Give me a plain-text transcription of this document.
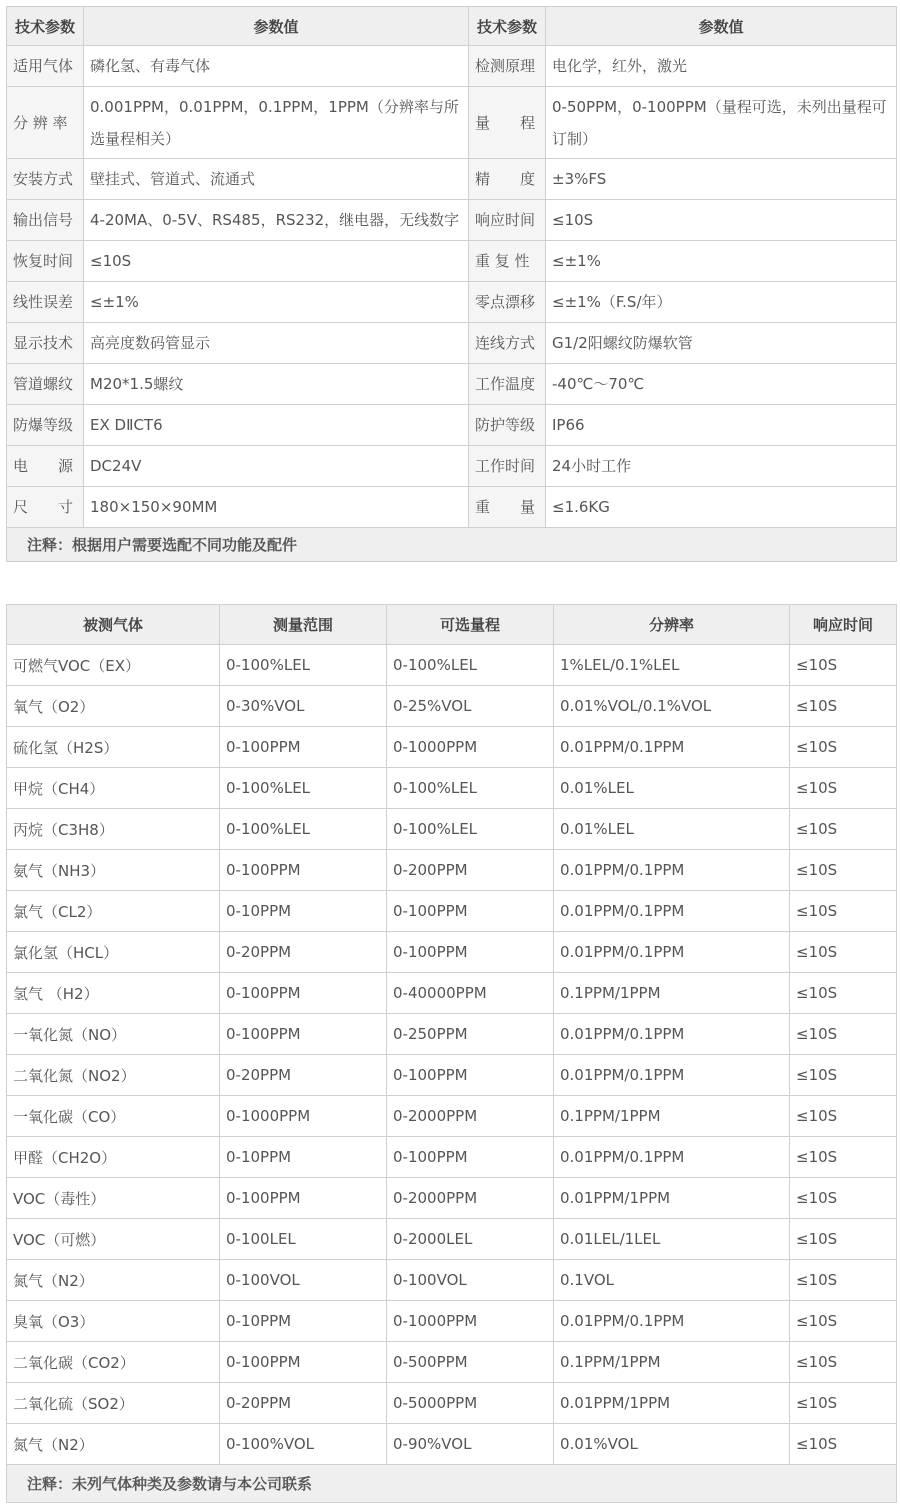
技术参数	参数值	技术参数	参数值
适用气体	磷化氢、有毒气体	检测原理	电化学，红外，激光
分 辨 率	0.001PPM，0.01PPM，0.1PPM，1PPM（分辨率与所选量程相关）	量　　程	0-50PPM，0-100PPM（量程可选，未列出量程可订制）
安装方式	壁挂式、管道式、流通式	精　　度	±3%FS
输出信号	4-20MA、0-5V、RS485，RS232，继电器，无线数字	响应时间	≤10S
恢复时间	≤10S	重 复 性	≤±1%
线性误差	≤±1%	零点漂移	≤±1%（F.S/年）
显示技术	高亮度数码管显示	连线方式	G1/2阳螺纹防爆软管
管道螺纹	M20*1.5螺纹	工作温度	-40℃～70℃
防爆等级	EX DⅡCT6	防护等级	IP66
电　　源	DC24V	工作时间	24小时工作
尺　　寸	180×150×90MM	重　　量	≤1.6KG
注释：根据用户需要选配不同功能及配件			
被测气体	测量范围	可选量程	分辨率	响应时间
可燃气VOC（EX）	0-100%LEL	0-100%LEL	1%LEL/0.1%LEL	≤10S
氧气（O2）	0-30%VOL	0-25%VOL	0.01%VOL/0.1%VOL	≤10S
硫化氢（H2S）	0-100PPM	0-1000PPM	0.01PPM/0.1PPM	≤10S
甲烷（CH4）	0-100%LEL	0-100%LEL	0.01%LEL	≤10S
丙烷（C3H8）	0-100%LEL	0-100%LEL	0.01%LEL	≤10S
氨气（NH3）	0-100PPM	0-200PPM	0.01PPM/0.1PPM	≤10S
氯气（CL2）	0-10PPM	0-100PPM	0.01PPM/0.1PPM	≤10S
氯化氢（HCL）	0-20PPM	0-100PPM	0.01PPM/0.1PPM	≤10S
氢气 （H2）	0-100PPM	0-40000PPM	0.1PPM/1PPM	≤10S
一氧化氮（NO）	0-100PPM	0-250PPM	0.01PPM/0.1PPM	≤10S
二氧化氮（NO2）	0-20PPM	0-100PPM	0.01PPM/0.1PPM	≤10S
一氧化碳（CO）	0-1000PPM	0-2000PPM	0.1PPM/1PPM	≤10S
甲醛（CH2O）	0-10PPM	0-100PPM	0.01PPM/0.1PPM	≤10S
VOC（毒性）	0-100PPM	0-2000PPM	0.01PPM/1PPM	≤10S
VOC（可燃）	0-100LEL	0-2000LEL	0.01LEL/1LEL	≤10S
氮气（N2）	0-100VOL	0-100VOL	0.1VOL	≤10S
臭氧（O3）	0-10PPM	0-1000PPM	0.01PPM/0.1PPM	≤10S
二氧化碳（CO2）	0-100PPM	0-500PPM	0.1PPM/1PPM	≤10S
二氧化硫（SO2）	0-20PPM	0-5000PPM	0.01PPM/1PPM	≤10S
氮气（N2）	0-100%VOL	0-90%VOL	0.01%VOL	≤10S
注释：未列气体种类及参数请与本公司联系				
